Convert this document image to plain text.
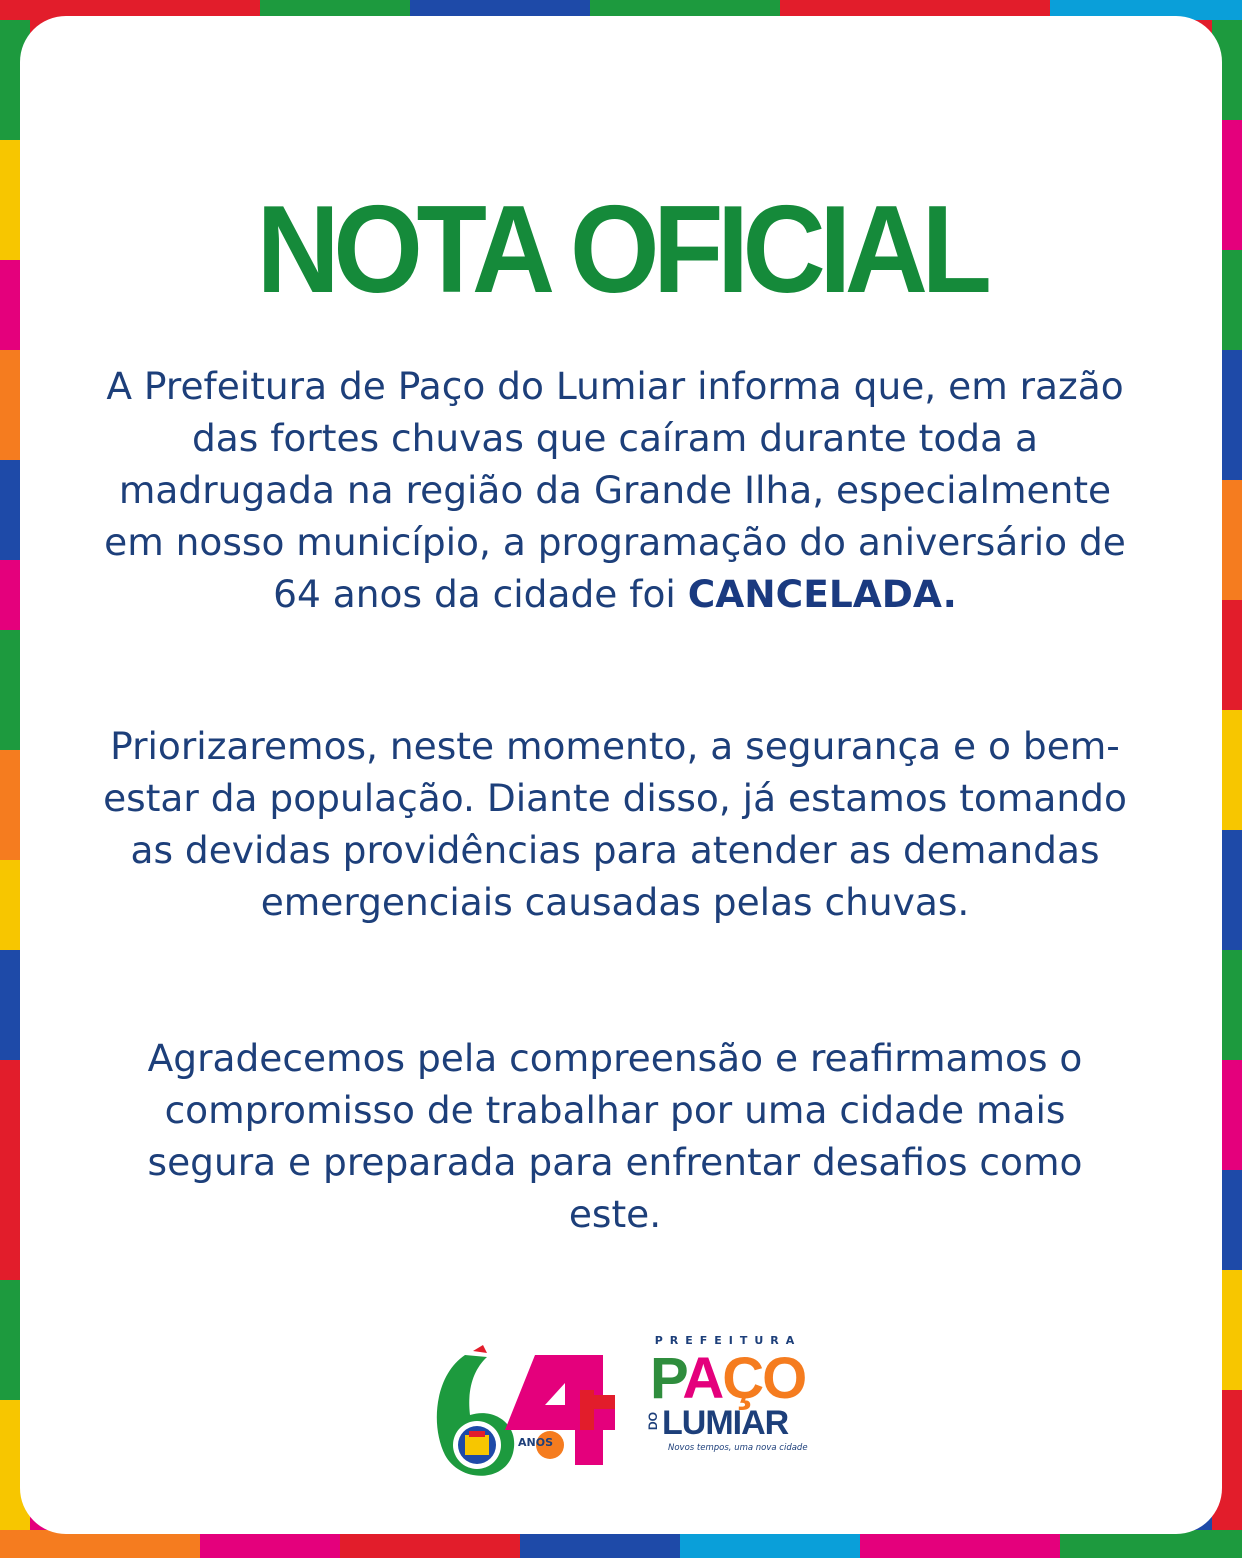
NOTA OFICIAL

A Prefeitura de Paço do Lumiar informa que, em razão das fortes chuvas que caíram durante toda a madrugada na região da Grande Ilha, especialmente em nosso município, a programação do aniversário de 64 anos da cidade foi CANCELADA.

Priorizaremos, neste momento, a segurança e o bem-estar da população. Diante disso, já estamos tomando as devidas providências para atender as demandas emergenciais causadas pelas chuvas.

Agradecemos pela compreensão e reafirmamos o compromisso de trabalhar por uma cidade mais segura e preparada para enfrentar desafios como este.

ANOS
PREFEITURA
PAÇO
DO LUMIAR
Novos tempos, uma nova cidade
